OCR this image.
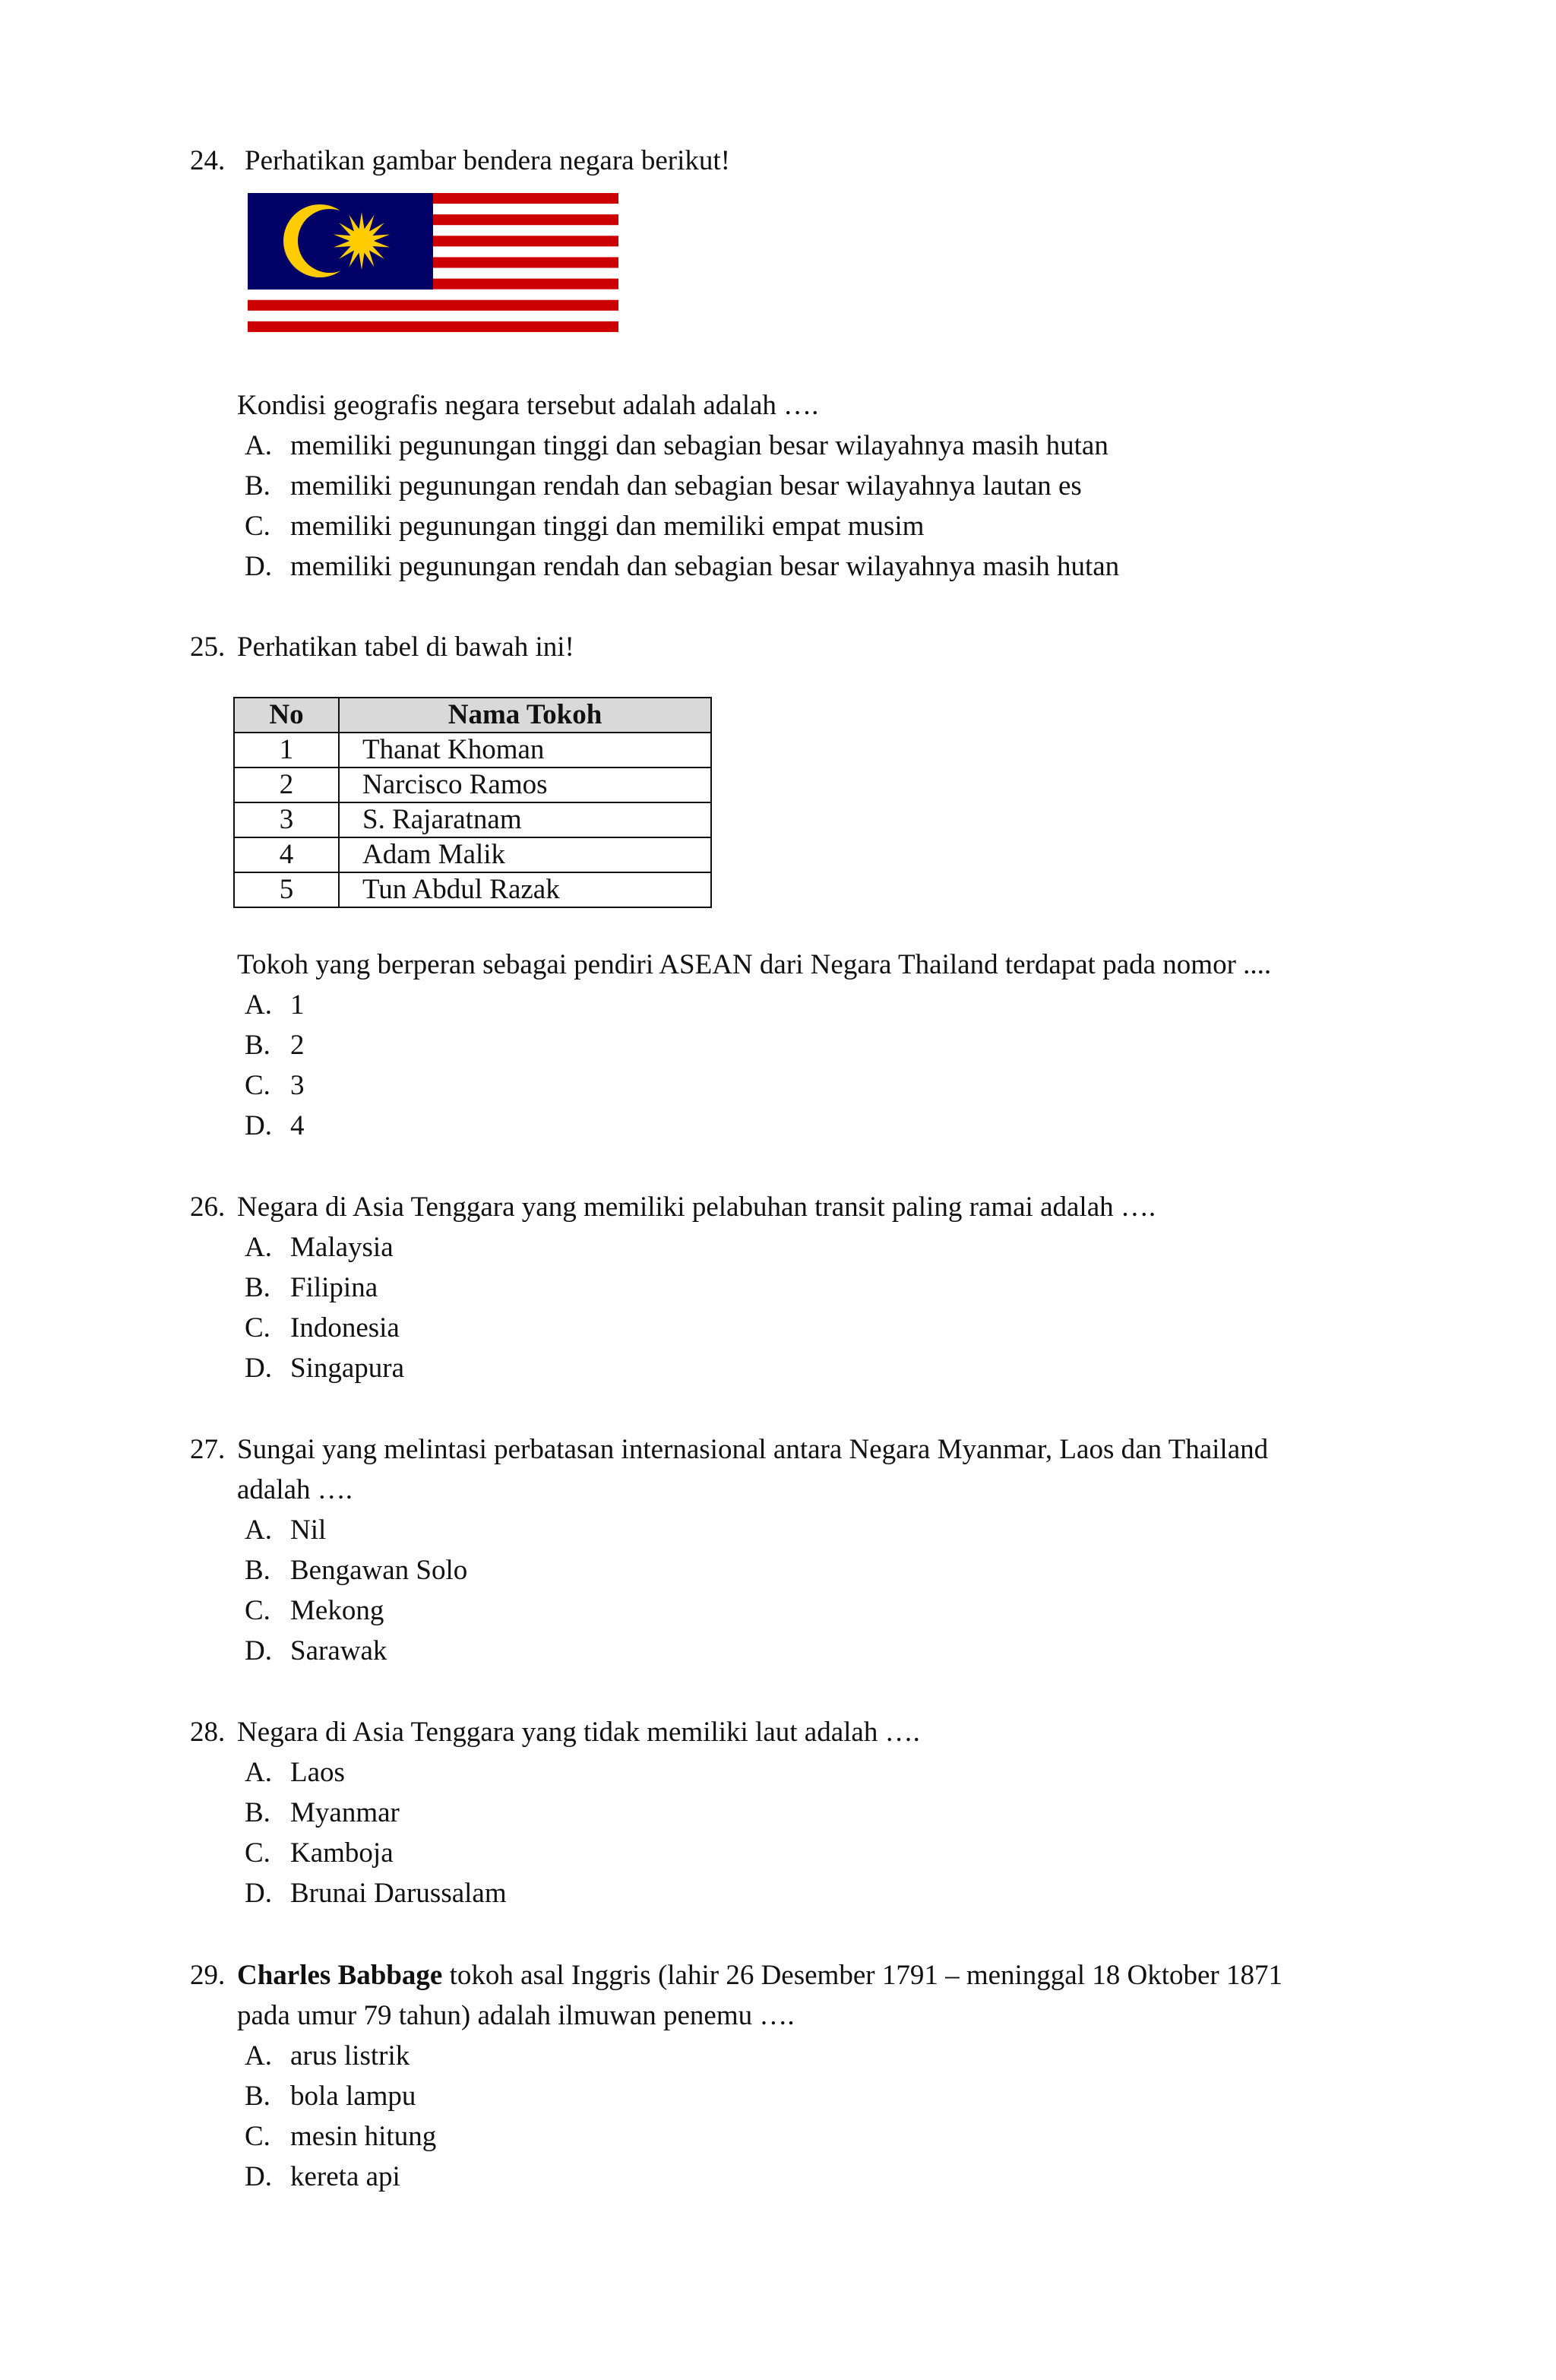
24. Perhatikan gambar bendera negara berikut!
Kondisi geografis negara tersebut adalah adalah ….
A. memiliki pegunungan tinggi dan sebagian besar wilayahnya masih hutan
B. memiliki pegunungan rendah dan sebagian besar wilayahnya lautan es
C. memiliki pegunungan tinggi dan memiliki empat musim
D. memiliki pegunungan rendah dan sebagian besar wilayahnya masih hutan
25. Perhatikan tabel di bawah ini!
No	Nama Tokoh
1	Thanat Khoman
2	Narcisco Ramos
3	S. Rajaratnam
4	Adam Malik
5	Tun Abdul Razak
Tokoh yang berperan sebagai pendiri ASEAN dari Negara Thailand terdapat pada nomor ....
A. 1
B. 2
C. 3
D. 4
26. Negara di Asia Tenggara yang memiliki pelabuhan transit paling ramai adalah ….
A. Malaysia
B. Filipina
C. Indonesia
D. Singapura
27. Sungai yang melintasi perbatasan internasional antara Negara Myanmar, Laos dan Thailand
adalah ….
A. Nil
B. Bengawan Solo
C. Mekong
D. Sarawak
28. Negara di Asia Tenggara yang tidak memiliki laut adalah ….
A. Laos
B. Myanmar
C. Kamboja
D. Brunai Darussalam
29. Charles Babbage tokoh asal Inggris (lahir 26 Desember 1791 – meninggal 18 Oktober 1871
pada umur 79 tahun) adalah ilmuwan penemu ….
A. arus listrik
B. bola lampu
C. mesin hitung
D. kereta api
